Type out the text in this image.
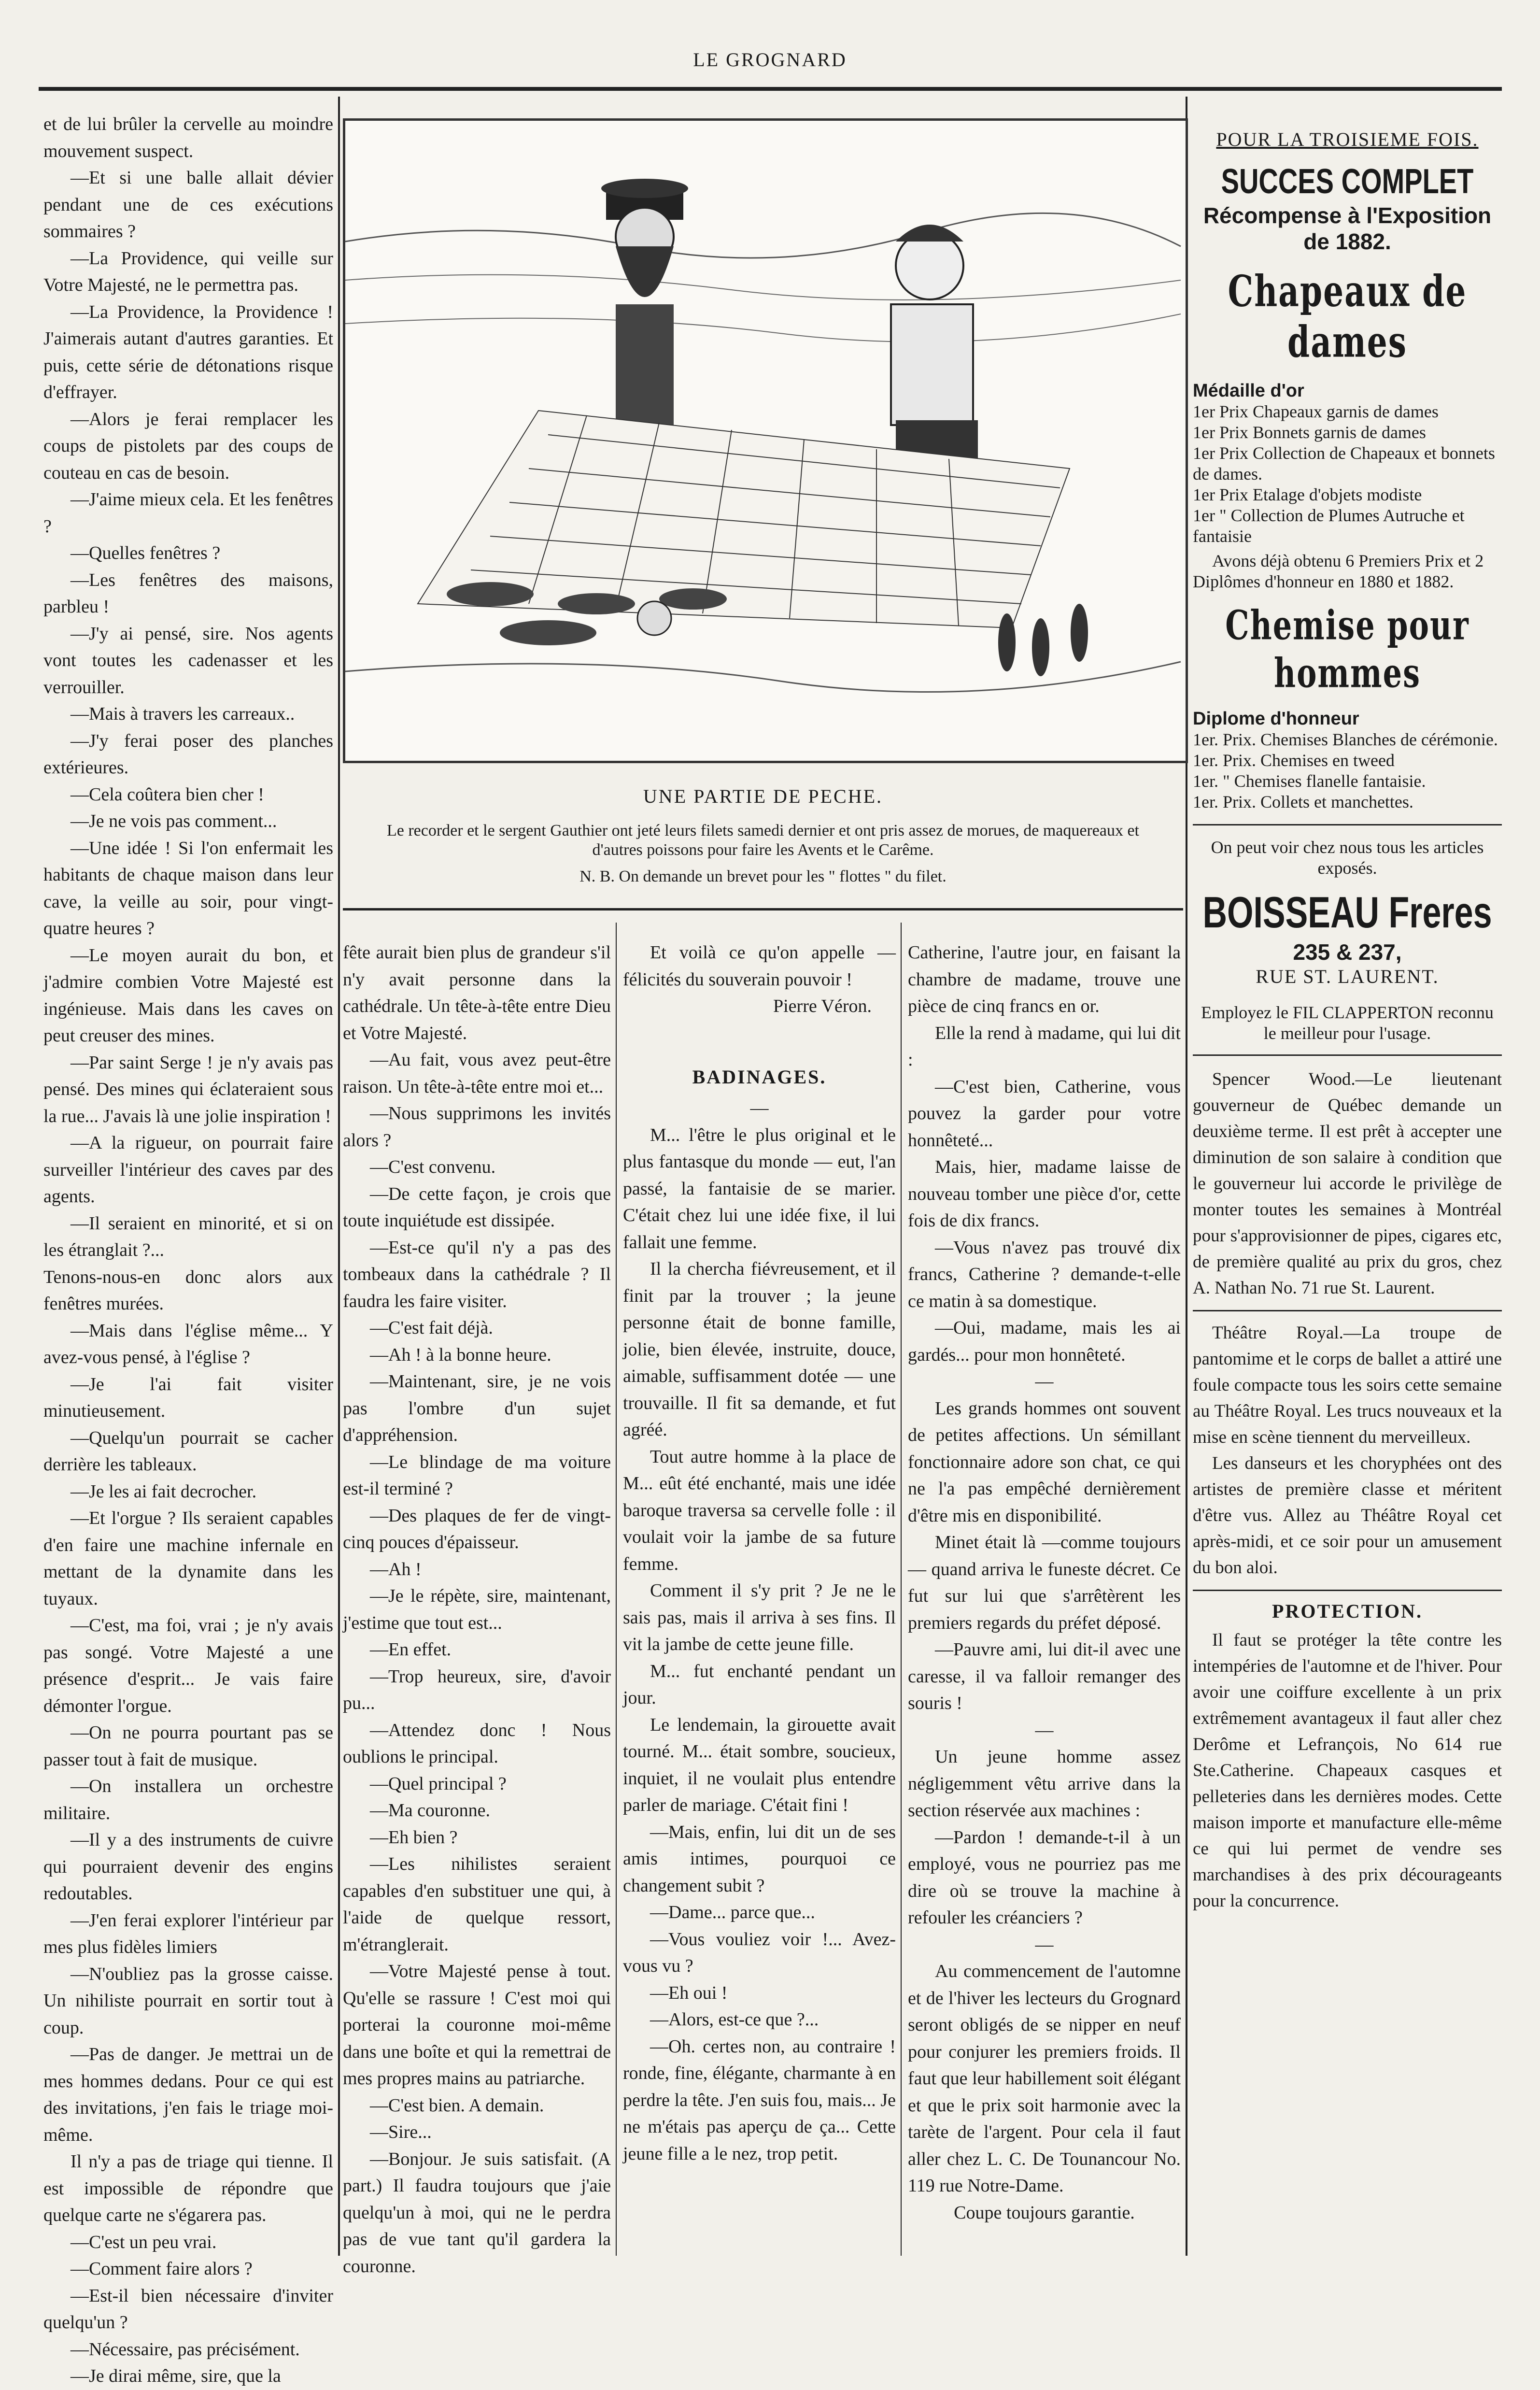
LE GROGNARD
UNE PARTIE DE PECHE.
Le recorder et le sergent Gauthier ont jeté leurs filets samedi dernier et ont pris assez de morues, de maquereaux et d'autres poissons pour faire les Avents et le Carême.
N. B. On demande un brevet pour les " flottes " du filet.

et de lui brûler la cervelle au moindre mouvement suspect.

—Et si une balle allait dévier pendant une de ces exécutions sommaires ?

—La Providence, qui veille sur Votre Majesté, ne le permettra pas.

—La Providence, la Providence ! J'aimerais autant d'autres garanties. Et puis, cette série de détonations risque d'effrayer.

—Alors je ferai remplacer les coups de pistolets par des coups de couteau en cas de besoin.

—J'aime mieux cela. Et les fenêtres ?

—Quelles fenêtres ?

—Les fenêtres des maisons, parbleu !

—J'y ai pensé, sire. Nos agents vont toutes les cadenasser et les verrouiller.

—Mais à travers les carreaux..

—J'y ferai poser des planches extérieures.

—Cela coûtera bien cher !

—Je ne vois pas comment...

—Une idée ! Si l'on enfermait les habitants de chaque maison dans leur cave, la veille au soir, pour vingt-quatre heures ?

—Le moyen aurait du bon, et j'admire combien Votre Majesté est ingénieuse. Mais dans les caves on peut creuser des mines.

—Par saint Serge ! je n'y avais pas pensé. Des mines qui éclateraient sous la rue... J'avais là une jolie inspiration !

—A la rigueur, on pourrait faire surveiller l'intérieur des caves par des agents.

—Il seraient en minorité, et si on les étranglait ?...

Tenons-nous-en donc alors aux fenêtres murées.

—Mais dans l'église même... Y avez-vous pensé, à l'église ?

—Je l'ai fait visiter minutieusement.

—Quelqu'un pourrait se cacher derrière les tableaux.

—Je les ai fait decrocher.

—Et l'orgue ? Ils seraient capables d'en faire une machine infernale en mettant de la dynamite dans les tuyaux.

—C'est, ma foi, vrai ; je n'y avais pas songé. Votre Majesté a une présence d'esprit... Je vais faire démonter l'orgue.

—On ne pourra pourtant pas se passer tout à fait de musique.

—On installera un orchestre militaire.

—Il y a des instruments de cuivre qui pourraient devenir des engins redoutables.

—J'en ferai explorer l'intérieur par mes plus fidèles limiers

—N'oubliez pas la grosse caisse. Un nihiliste pourrait en sortir tout à coup.

—Pas de danger. Je mettrai un de mes hommes dedans. Pour ce qui est des invitations, j'en fais le triage moi-même.

Il n'y a pas de triage qui tienne. Il est impossible de répondre que quelque carte ne s'égarera pas.

—C'est un peu vrai.

—Comment faire alors ?

—Est-il bien nécessaire d'inviter quelqu'un ?

—Nécessaire, pas précisément.

—Je dirai même, sire, que la

fête aurait bien plus de grandeur s'il n'y avait personne dans la cathédrale. Un tête-à-tête entre Dieu et Votre Majesté.

—Au fait, vous avez peut-être raison. Un tête-à-tête entre moi et...

—Nous supprimons les invités alors ?

—C'est convenu.

—De cette façon, je crois que toute inquiétude est dissipée.

—Est-ce qu'il n'y a pas des tombeaux dans la cathédrale ? Il faudra les faire visiter.

—C'est fait déjà.

—Ah ! à la bonne heure.

—Maintenant, sire, je ne vois pas l'ombre d'un sujet d'appréhension.

—Le blindage de ma voiture est-il terminé ?

—Des plaques de fer de vingt-cinq pouces d'épaisseur.

—Ah !

—Je le répète, sire, maintenant, j'estime que tout est...

—En effet.

—Trop heureux, sire, d'avoir pu...

—Attendez donc ! Nous oublions le principal.

—Quel principal ?

—Ma couronne.

—Eh bien ?

—Les nihilistes seraient capables d'en substituer une qui, à l'aide de quelque ressort, m'étranglerait.

—Votre Majesté pense à tout. Qu'elle se rassure ! C'est moi qui porterai la couronne moi-même dans une boîte et qui la remettrai de mes propres mains au patriarche.

—C'est bien. A demain.

—Sire...

—Bonjour. Je suis satisfait. (A part.) Il faudra toujours que j'aie quelqu'un à moi, qui ne le perdra pas de vue tant qu'il gardera la couronne.

Et voilà ce qu'on appelle — félicités du souverain pouvoir !

Pierre Véron.

BADINAGES.
—

M... l'être le plus original et le plus fantasque du monde — eut, l'an passé, la fantaisie de se marier. C'était chez lui une idée fixe, il lui fallait une femme.

Il la chercha fiévreusement, et il finit par la trouver ; la jeune personne était de bonne famille, jolie, bien élevée, instruite, douce, aimable, suffisamment dotée — une trouvaille. Il fit sa demande, et fut agréé.

Tout autre homme à la place de M... eût été enchanté, mais une idée baroque traversa sa cervelle folle : il voulait voir la jambe de sa future femme.

Comment il s'y prit ? Je ne le sais pas, mais il arriva à ses fins. Il vit la jambe de cette jeune fille.

M... fut enchanté pendant un jour.

Le lendemain, la girouette avait tourné. M... était sombre, soucieux, inquiet, il ne voulait plus entendre parler de mariage. C'était fini !

—Mais, enfin, lui dit un de ses amis intimes, pourquoi ce changement subit ?

—Dame... parce que...

—Vous vouliez voir !... Avez-vous vu ?

—Eh oui !

—Alors, est-ce que ?...

—Oh. certes non, au contraire ! ronde, fine, élégante, charmante à en perdre la tête. J'en suis fou, mais... Je ne m'étais pas aperçu de ça... Cette jeune fille a le nez, trop petit.

Catherine, l'autre jour, en faisant la chambre de madame, trouve une pièce de cinq francs en or.

Elle la rend à madame, qui lui dit :

—C'est bien, Catherine, vous pouvez la garder pour votre honnêteté...

Mais, hier, madame laisse de nouveau tomber une pièce d'or, cette fois de dix francs.

—Vous n'avez pas trouvé dix francs, Catherine ? demande-t-elle ce matin à sa domestique.

—Oui, madame, mais les ai gardés... pour mon honnêteté.

—

Les grands hommes ont souvent de petites affections. Un sémillant fonctionnaire adore son chat, ce qui ne l'a pas empêché dernièrement d'être mis en disponibilité.

Minet était là —comme toujours— quand arriva le funeste décret. Ce fut sur lui que s'arrêtèrent les premiers regards du préfet déposé.

—Pauvre ami, lui dit-il avec une caresse, il va falloir remanger des souris !

—

Un jeune homme assez négligemment vêtu arrive dans la section réservée aux machines :

—Pardon ! demande-t-il à un employé, vous ne pourriez pas me dire où se trouve la machine à refouler les créanciers ?

—

Au commencement de l'automne et de l'hiver les lecteurs du Grognard seront obligés de se nipper en neuf pour conjurer les premiers froids. Il faut que leur habillement soit élégant et que le prix soit harmonie avec la tarète de l'argent. Pour cela il faut aller chez L. C. De Tounancour No. 119 rue Notre-Dame.

Coupe toujours garantie.

POUR LA TROISIEME FOIS.
SUCCES COMPLET
Récompense à l'Exposition
de 1882.
Chapeaux de dames
Médaille d'or
1er Prix Chapeaux garnis de dames
1er Prix Bonnets garnis de dames
1er Prix Collection de Chapeaux et bonnets de dames.
1er Prix Etalage d'objets modiste
1er " Collection de Plumes Autruche et fantaisie
Avons déjà obtenu 6 Premiers Prix et 2 Diplômes d'honneur en 1880 et 1882.
Chemise pour hommes
Diplome d'honneur
1er. Prix. Chemises Blanches de cérémonie.
1er. Prix. Chemises en tweed
1er. " Chemises flanelle fantaisie.
1er. Prix. Collets et manchettes.
On peut voir chez nous tous les articles exposés.
BOISSEAU Freres
235 & 237,
RUE ST. LAURENT.
Employez le FIL CLAPPERTON reconnu le meilleur pour l'usage.
Spencer Wood.—Le lieutenant gouverneur de Québec demande un deuxième terme. Il est prêt à accepter une diminution de son salaire à condition que le gouverneur lui accorde le privilège de monter toutes les semaines à Montréal pour s'approvisionner de pipes, cigares etc, de première qualité au prix du gros, chez A. Nathan No. 71 rue St. Laurent.
Théâtre Royal.—La troupe de pantomime et le corps de ballet a attiré une foule compacte tous les soirs cette semaine au Théâtre Royal. Les trucs nouveaux et la mise en scène tiennent du merveilleux.
Les danseurs et les choryphées ont des artistes de première classe et méritent d'être vus. Allez au Théâtre Royal cet après-midi, et ce soir pour un amusement du bon aloi.
PROTECTION.
Il faut se protéger la tête contre les intempéries de l'automne et de l'hiver. Pour avoir une coiffure excellente à un prix extrêmement avantageux il faut aller chez Derôme et Lefrançois, No 614 rue Ste.Catherine. Chapeaux casques et pelleteries dans les dernières modes. Cette maison importe et manufacture elle-même ce qui lui permet de vendre ses marchandises à des prix décourageants pour la concurrence.
